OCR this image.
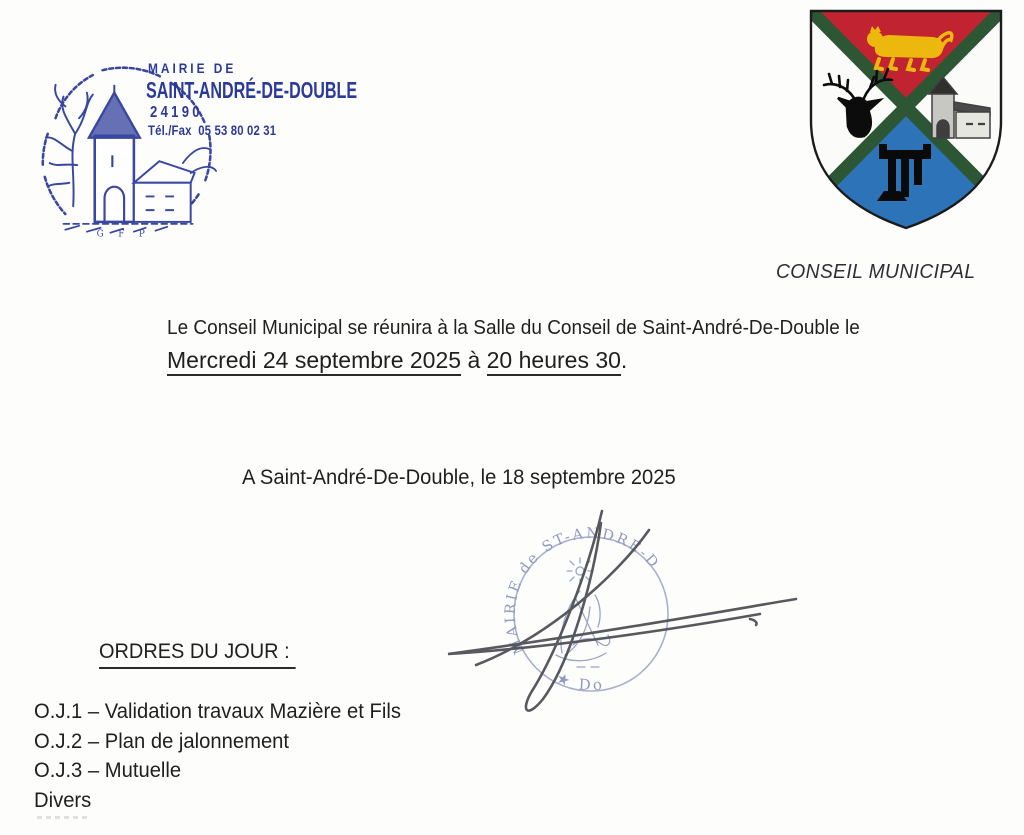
G F P
MAIRIE DE
SAINT-ANDRÉ-DE-DOUBLE
24190
Tél./Fax  05 53 80 02 31
CONSEIL MUNICIPAL
Le Conseil Municipal se réunira à la Salle du Conseil de Saint-André-De-Double le
Mercredi 24 septembre 2025 à 20 heures 30.
A Saint-André-De-Double, le 18 septembre 2025
MAIRIE de ST-ANDRE-D
★ Do
ORDRES DU JOUR :
O.J.1 – Validation travaux Mazière et Fils
O.J.2 – Plan de jalonnement
O.J.3 – Mutuelle
Divers
